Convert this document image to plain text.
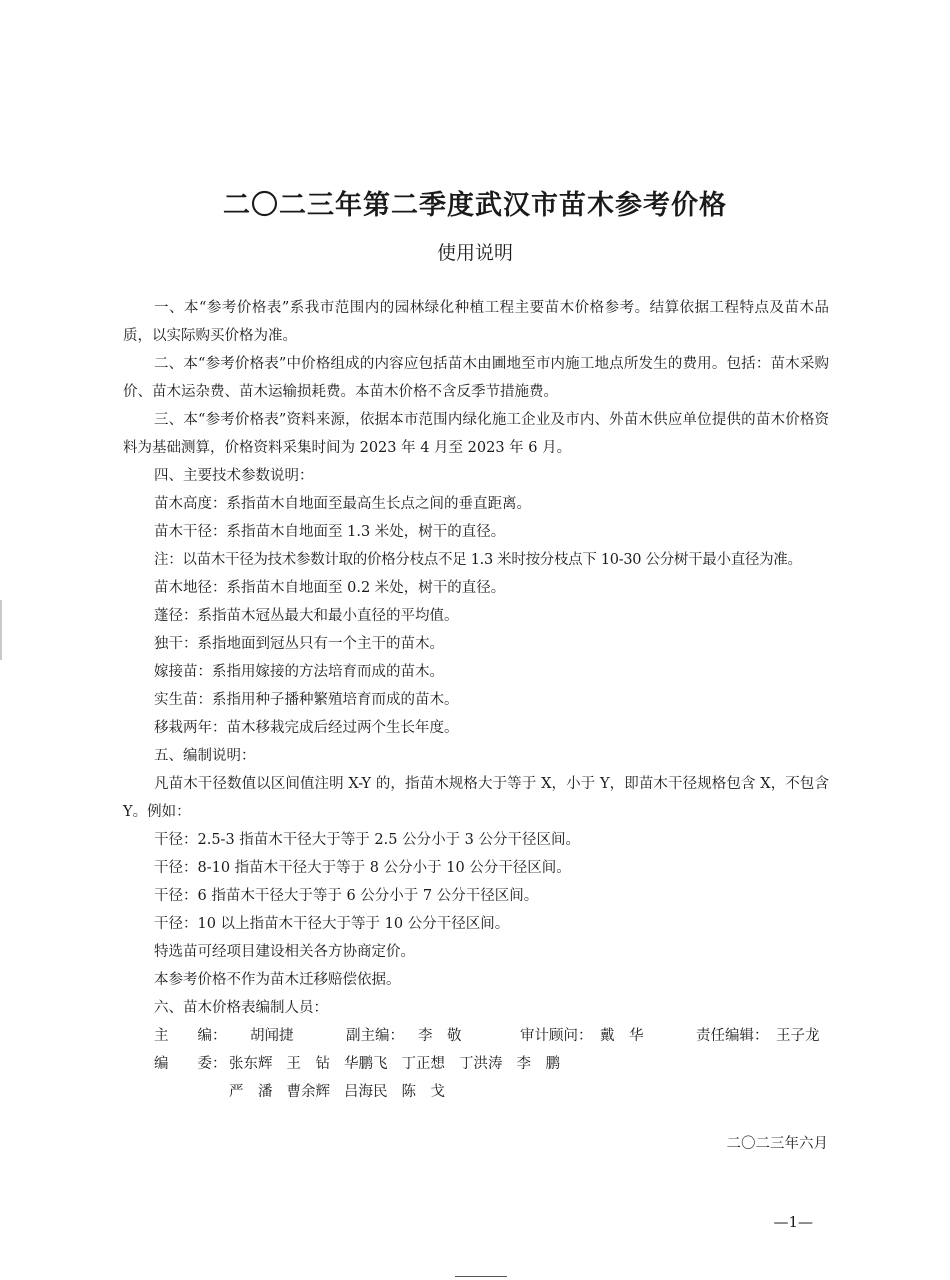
二〇二三年第二季度武汉市苗木参考价格
使用说明

一、本“参考价格表”系我市范围内的园林绿化种植工程主要苗木价格参考。结算依据工程特点及苗木品质，以实际购买价格为准。

二、本“参考价格表”中价格组成的内容应包括苗木由圃地至市内施工地点所发生的费用。包括：苗木采购价、苗木运杂费、苗木运输损耗费。本苗木价格不含反季节措施费。

三、本“参考价格表”资料来源，依据本市范围内绿化施工企业及市内、外苗木供应单位提供的苗木价格资料为基础测算，价格资料采集时间为 2023 年 4 月至 2023 年 6 月。

四、主要技术参数说明：

苗木高度：系指苗木自地面至最高生长点之间的垂直距离。

苗木干径：系指苗木自地面至 1.3 米处，树干的直径。

注：以苗木干径为技术参数计取的价格分枝点不足 1.3 米时按分枝点下 10-30 公分树干最小直径为准。

苗木地径：系指苗木自地面至 0.2 米处，树干的直径。

蓬径：系指苗木冠丛最大和最小直径的平均值。

独干：系指地面到冠丛只有一个主干的苗木。

嫁接苗：系指用嫁接的方法培育而成的苗木。

实生苗：系指用种子播种繁殖培育而成的苗木。

移栽两年：苗木移栽完成后经过两个生长年度。

五、编制说明：

凡苗木干径数值以区间值注明 X-Y 的，指苗木规格大于等于 X，小于 Y，即苗木干径规格包含 X，不包含 Y。例如：

干径：2.5-3 指苗木干径大于等于 2.5 公分小于 3 公分干径区间。

干径：8-10 指苗木干径大于等于 8 公分小于 10 公分干径区间。

干径：6 指苗木干径大于等于 6 公分小于 7 公分干径区间。

干径：10 以上指苗木干径大于等于 10 公分干径区间。

特选苗可经项目建设相关各方协商定价。

本参考价格不作为苗木迁移赔偿依据。

六、苗木价格表编制人员：

主　　编： 胡闻捷	副主编： 李　敬	审计顾问： 戴　华	责任编辑： 王子龙

编　　委： 张东辉 王　钻 华鹏飞 丁正想 丁洪涛 李　鹏

严　潘 曹余辉 吕海民 陈　戈

二〇二三年六月
—1—
